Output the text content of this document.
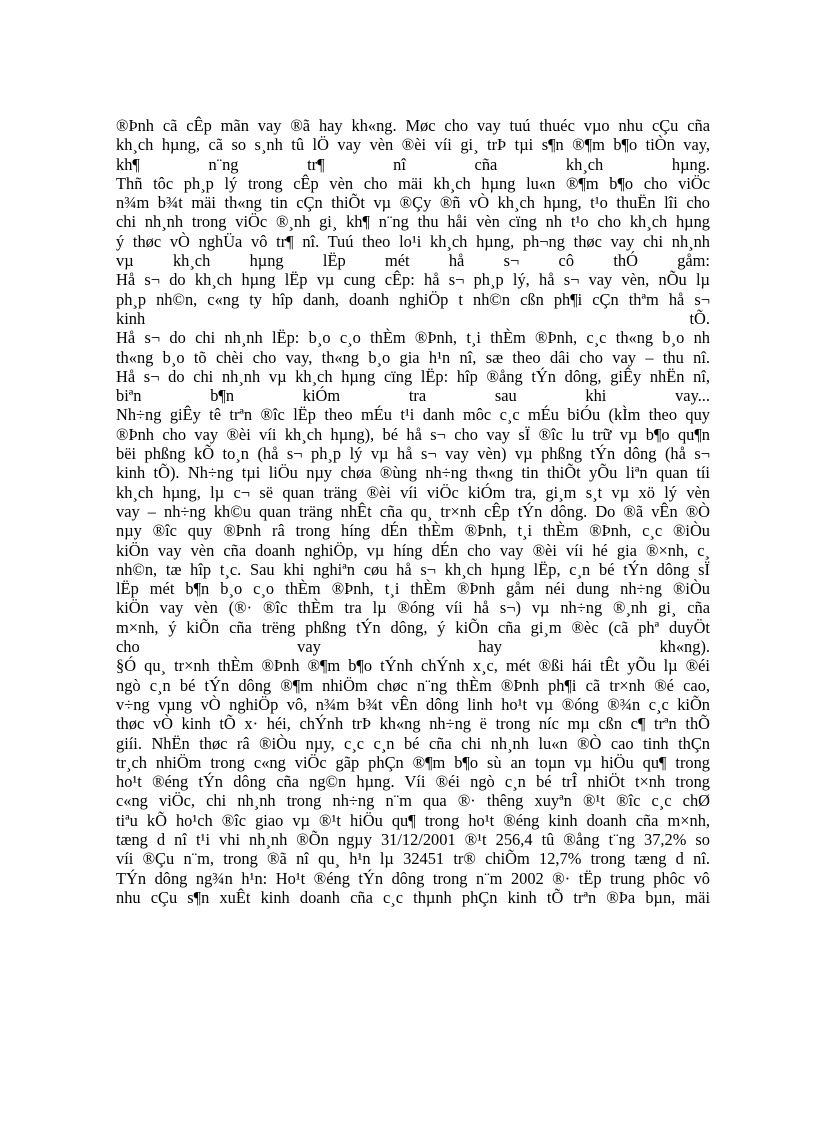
®Þnh cã cÊp mãn vay ®ã hay kh«ng. Møc cho vay tuú thuéc vµo nhu cÇu cña
kh¸ch hµng, cã so s¸nh tû lÖ vay vèn ®èi víi gi¸ trÞ tµi s¶n ®¶m b¶o tiÒn vay,
kh¶ n¨ng tr¶ nî cña kh¸ch hµng.
Thñ tôc ph¸p lý trong cÊp vèn cho mäi kh¸ch hµng lu«n ®¶m b¶o cho viÖc
n¾m b¾t mäi th«ng tin cÇn thiÕt vµ ®Çy ®ñ vÒ kh¸ch hµng, t¹o thuËn lîi cho
chi nh¸nh trong viÖc ®¸nh gi¸ kh¶ n¨ng thu håi vèn cïng nh t¹o cho kh¸ch hµng
ý thøc vÒ nghÜa vô tr¶ nî. Tuú theo lo¹i kh¸ch hµng, ph¬ng thøc vay chi nh¸nh
vµ kh¸ch hµng lËp mét hå s¬ cô thÓ gåm:
Hå s¬ do kh¸ch hµng lËp vµ cung cÊp: hå s¬ ph¸p lý, hå s¬ vay vèn, nÕu lµ
ph¸p nh©n, c«ng ty hîp danh, doanh nghiÖp t nh©n cßn ph¶i cÇn thªm hå s¬
kinh tÕ.
Hå s¬ do chi nh¸nh lËp: b¸o c¸o thÈm ®Þnh, t¸i thÈm ®Þnh, c¸c th«ng b¸o nh
th«ng b¸o tõ chèi cho vay, th«ng b¸o gia h¹n nî, sæ theo dâi cho vay – thu nî.
Hå s¬ do chi nh¸nh vµ kh¸ch hµng cïng lËp: hîp ®ång tÝn dông, giÊy nhËn nî,
biªn b¶n kiÓm tra sau khi vay...
Nh÷ng giÊy tê trªn ®îc lËp theo mÉu t¹i danh môc c¸c mÉu biÓu (kÌm theo quy
®Þnh cho vay ®èi víi kh¸ch hµng), bé hå s¬ cho vay sÏ ®îc lu trữ vµ b¶o qu¶n
bëi phßng kÕ to¸n (hå s¬ ph¸p lý vµ hå s¬ vay vèn) vµ phßng tÝn dông (hå s¬
kinh tÕ). Nh÷ng tµi liÖu nµy chøa ®ùng nh÷ng th«ng tin thiÕt yÕu liªn quan tíi
kh¸ch hµng, lµ c¬ së quan träng ®èi víi viÖc kiÓm tra, gi¸m s¸t vµ xö lý vèn
vay – nh÷ng kh©u quan träng nhÊt cña qu¸ tr×nh cÊp tÝn dông. Do ®ã vÊn ®Ò
nµy ®îc quy ®Þnh râ trong híng dÉn thÈm ®Þnh, t¸i thÈm ®Þnh, c¸c ®iÒu
kiÖn vay vèn cña doanh nghiÖp, vµ híng dÉn cho vay ®èi víi hé gia ®×nh, c¸
nh©n, tæ hîp t¸c. Sau khi nghiªn cøu hå s¬ kh¸ch hµng lËp, c¸n bé tÝn dông sÏ
lËp mét b¶n b¸o c¸o thÈm ®Þnh, t¸i thÈm ®Þnh gåm néi dung nh÷ng ®iÒu
kiÖn vay vèn (®· ®îc thÈm tra lµ ®óng víi hå s¬) vµ nh÷ng ®¸nh gi¸ cña
m×nh, ý kiÕn cña trëng phßng tÝn dông, ý kiÕn cña gi¸m ®èc (cã phª duyÖt
cho vay hay kh«ng).
§Ó qu¸ tr×nh thÈm ®Þnh ®¶m b¶o tÝnh chÝnh x¸c, mét ®ßi hái tÊt yÕu lµ ®éi
ngò c¸n bé tÝn dông ®¶m nhiÖm chøc n¨ng thÈm ®Þnh ph¶i cã tr×nh ®é cao,
v÷ng vµng vÒ nghiÖp vô, n¾m b¾t vÊn dông linh ho¹t vµ ®óng ®¾n c¸c kiÕn
thøc vÒ kinh tÕ x· héi, chÝnh trÞ kh«ng nh÷ng ë trong níc mµ cßn c¶ trªn thÕ
giíi. NhËn thøc râ ®iÒu nµy, c¸c c¸n bé cña chi nh¸nh lu«n ®Ò cao tinh thÇn
tr¸ch nhiÖm trong c«ng viÖc gãp phÇn ®¶m b¶o sù an toµn vµ hiÖu qu¶ trong
ho¹t ®éng tÝn dông cña ng©n hµng. Víi ®éi ngò c¸n bé trÎ nhiÖt t×nh trong
c«ng viÖc, chi nh¸nh trong nh÷ng n¨m qua ®· thêng xuyªn ®¹t ®îc c¸c chØ
tiªu kÕ ho¹ch ®îc giao vµ ®¹t hiÖu qu¶ trong ho¹t ®éng kinh doanh cña m×nh,
tæng d nî t¹i vhi nh¸nh ®Õn ngµy 31/12/2001 ®¹t 256,4 tû ®ång t¨ng 37,2% so
víi ®Çu n¨m, trong ®ã nî qu¸ h¹n lµ 32451 tr® chiÕm 12,7% trong tæng d nî.
TÝn dông ng¾n h¹n: Ho¹t ®éng tÝn dông trong n¨m 2002 ®· tËp trung phôc vô
nhu cÇu s¶n xuÊt kinh doanh cña c¸c thµnh phÇn kinh tÕ trªn ®Þa bµn, mäi
